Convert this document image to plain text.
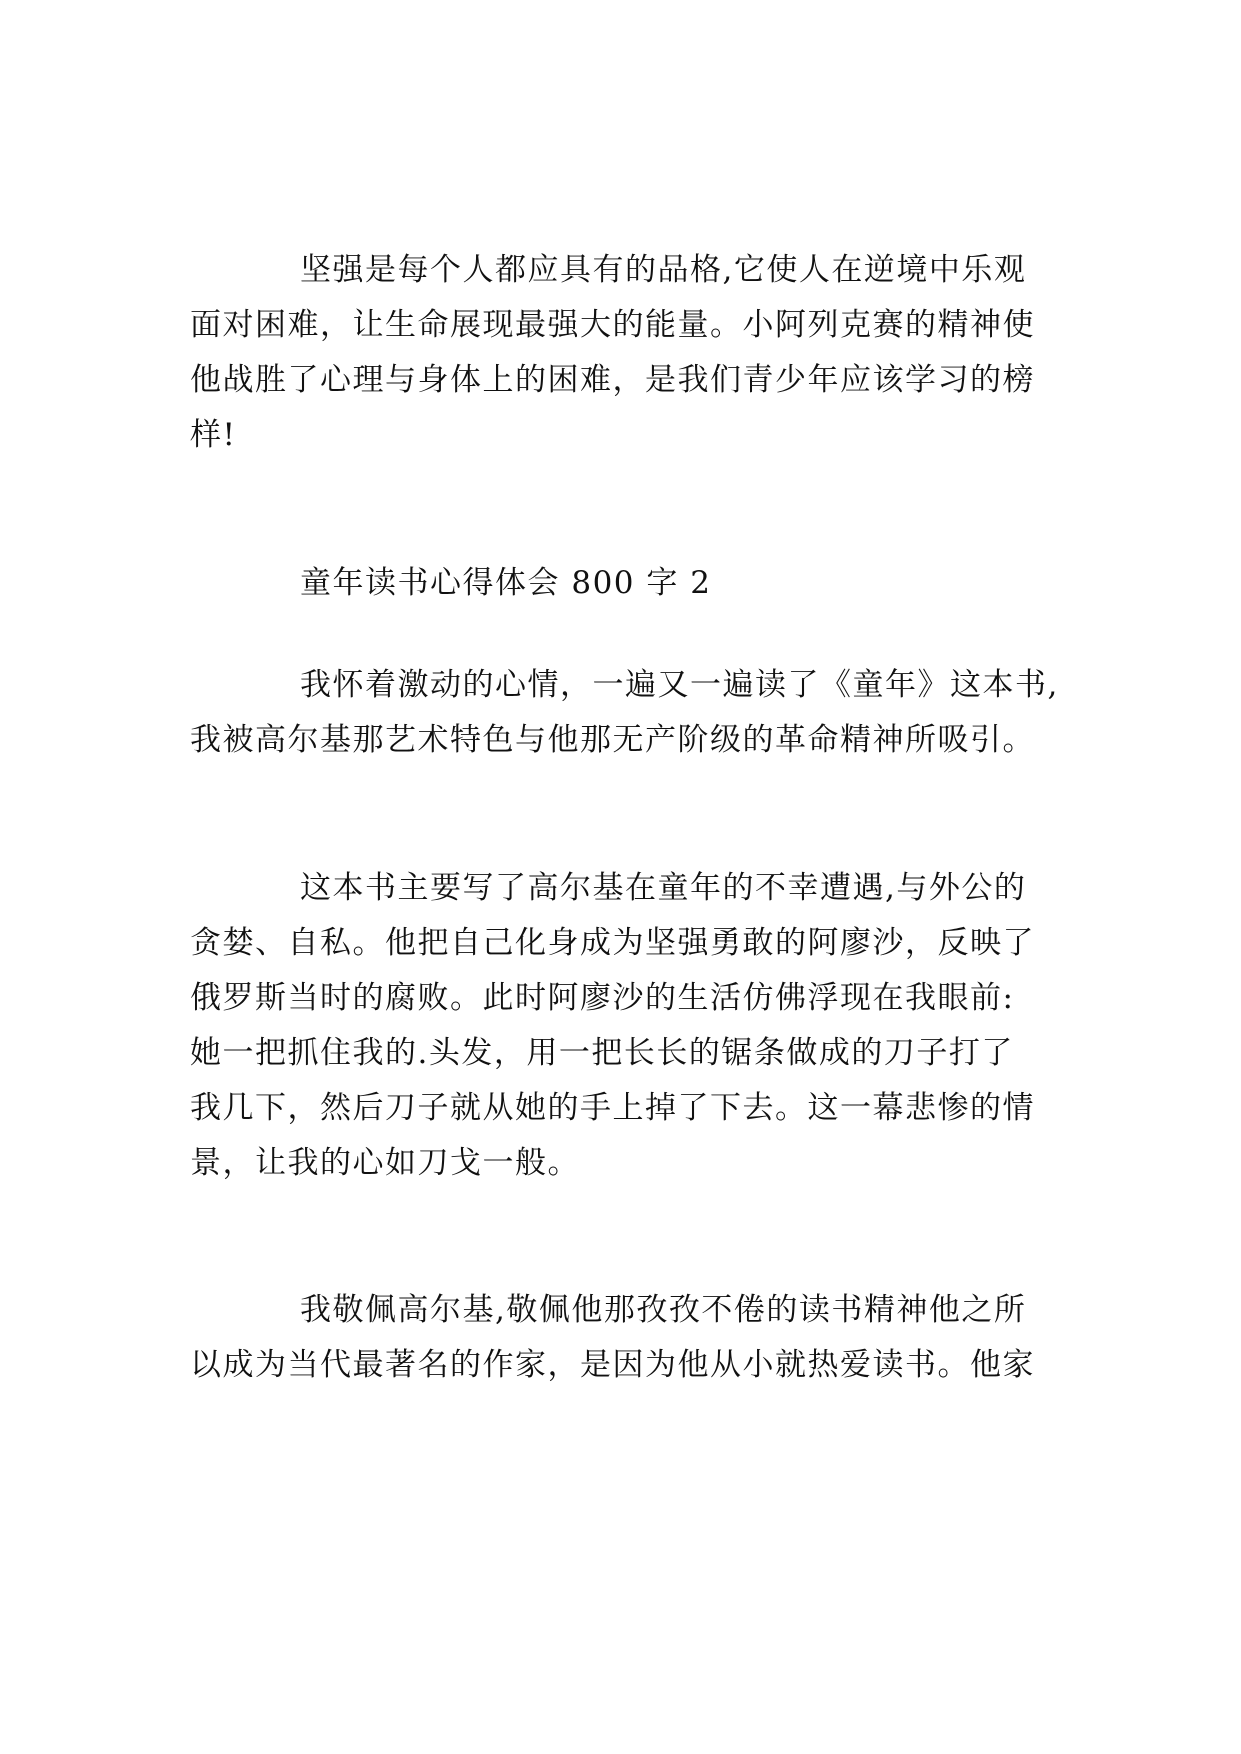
坚强是每个人都应具有的品格,它使人在逆境中乐观
面对困难，让生命展现最强大的能量。小阿列克赛的精神使
他战胜了心理与身体上的困难，是我们青少年应该学习的榜
样!
童年读书心得体会 800 字 2
我怀着激动的心情，一遍又一遍读了《童年》这本书,
我被高尔基那艺术特色与他那无产阶级的革命精神所吸引。
这本书主要写了高尔基在童年的不幸遭遇,与外公的
贪婪、自私。他把自己化身成为坚强勇敢的阿廖沙，反映了
俄罗斯当时的腐败。此时阿廖沙的生活仿佛浮现在我眼前:
她一把抓住我的.头发，用一把长长的锯条做成的刀子打了
我几下，然后刀子就从她的手上掉了下去。这一幕悲惨的情
景，让我的心如刀戈一般。
我敬佩高尔基,敬佩他那孜孜不倦的读书精神他之所
以成为当代最著名的作家，是因为他从小就热爱读书。他家
